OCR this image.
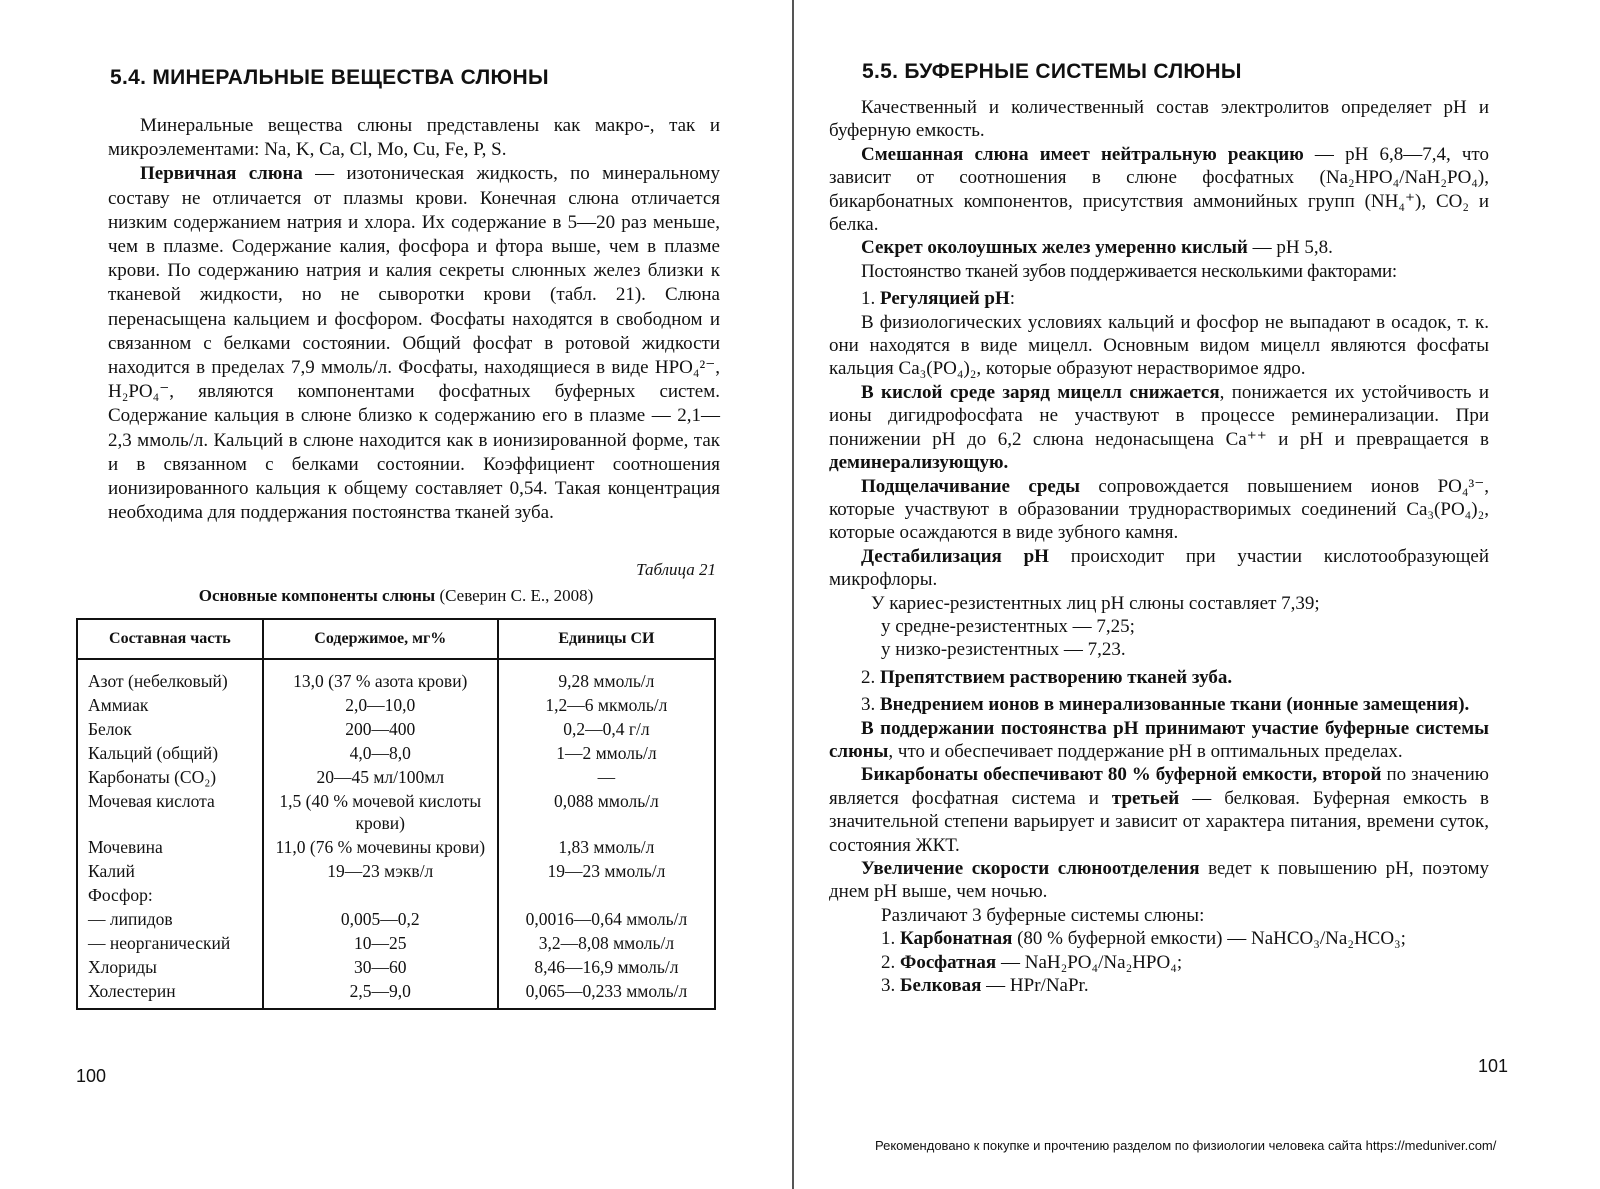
5.4. МИНЕРАЛЬНЫЕ ВЕЩЕСТВА СЛЮНЫ

Минеральные вещества слюны представлены как макро-, так и микроэлементами: Na, K, Ca, Cl, Mo, Cu, Fe, P, S.

Первичная слюна — изотоническая жидкость, по минеральному составу не отличается от плазмы крови. Конечная слюна отличается низким содержанием натрия и хлора. Их содержание в 5—20 раз меньше, чем в плазме. Содержание калия, фосфора и фтора выше, чем в плазме крови. По содержанию натрия и калия секреты слюнных желез близки к тканевой жидкости, но не сыворотки крови (табл. 21). Слюна перенасыщена кальцием и фосфором. Фосфаты находятся в свободном и связанном с белками состоянии. Общий фосфат в ротовой жидкости находится в пределах 7,9 ммоль/л. Фосфаты, находящиеся в виде HPO₄²⁻, H₂PO₄⁻, являются компонентами фосфатных буферных систем. Содержание кальция в слюне близко к содержанию его в плазме — 2,1—2,3 ммоль/л. Кальций в слюне находится как в ионизированной форме, так и в связанном с белками состоянии. Коэффициент соотношения ионизированного кальция к общему составляет 0,54. Такая концентрация необходима для поддержания постоянства тканей зуба.

Таблица 21
Основные компоненты слюны (Северин С. Е., 2008)
Составная часть	Содержимое, мг%	Единицы СИ
Азот (небелковый)	13,0 (37 % азота крови)	9,28 ммоль/л
Аммиак	2,0—10,0	1,2—6 мкмоль/л
Белок	200—400	0,2—0,4 г/л
Кальций (общий)	4,0—8,0	1—2 ммоль/л
Карбонаты (CO₂)	20—45 мл/100мл	—
Мочевая кислота	1,5 (40 % мочевой кислоты крови)	0,088 ммоль/л
Мочевина	11,0 (76 % мочевины крови)	1,83 ммоль/л
Калий	19—23 мэкв/л	19—23 ммоль/л
Фосфор:		
— липидов	0,005—0,2	0,0016—0,64 ммоль/л
— неорганический	10—25	3,2—8,08 ммоль/л
Хлориды	30—60	8,46—16,9 ммоль/л
Холестерин	2,5—9,0	0,065—0,233 ммоль/л
100
5.5. БУФЕРНЫЕ СИСТЕМЫ СЛЮНЫ

Качественный и количественный состав электролитов определяет pH и буферную емкость.

Смешанная слюна имеет нейтральную реакцию — pH 6,8—7,4, что зависит от соотношения в слюне фосфатных (Na₂HPO₄/NaH₂PO₄), бикарбонатных компонентов, присутствия аммонийных групп (NH₄⁺), CO₂ и белка.

Секрет околоушных желез умеренно кислый — pH 5,8.

Постоянство тканей зубов поддерживается несколькими факторами:

1. Регуляцией pH:

В физиологических условиях кальций и фосфор не выпадают в осадок, т. к. они находятся в виде мицелл. Основным видом мицелл являются фосфаты кальция Ca₃(PO₄)₂, которые образуют нерастворимое ядро.

В кислой среде заряд мицелл снижается, понижается их устойчивость и ионы дигидрофосфата не участвуют в процессе реминерализации. При понижении pH до 6,2 слюна недонасыщена Ca⁺⁺ и pH и превращается в деминерализующую.

Подщелачивание среды сопровождается повышением ионов PO₄³⁻, которые участвуют в образовании труднорастворимых соединений Ca₃(PO₄)₂, которые осаждаются в виде зубного камня.

Дестабилизация pH происходит при участии кислотообразующей микрофлоры.

У кариес-резистентных лиц pH слюны составляет 7,39;

у средне-резистентных — 7,25;

у низко-резистентных — 7,23.

2. Препятствием растворению тканей зуба.

3. Внедрением ионов в минерализованные ткани (ионные замещения).

В поддержании постоянства pH принимают участие буферные системы слюны, что и обеспечивает поддержание pH в оптимальных пределах.

Бикарбонаты обеспечивают 80 % буферной емкости, второй по значению является фосфатная система и третьей — белковая. Буферная емкость в значительной степени варьирует и зависит от характера питания, времени суток, состояния ЖКТ.

Увеличение скорости слюноотделения ведет к повышению pH, поэтому днем pH выше, чем ночью.

Различают 3 буферные системы слюны:

1. Карбонатная (80 % буферной емкости) — NaHCO₃/Na₂HCO₃;

2. Фосфатная — NaH₂PO₄/Na₂HPO₄;

3. Белковая — HPr/NaPr.

101
Рекомендовано к покупке и прочтению разделом по физиологии человека сайта https://meduniver.com/
